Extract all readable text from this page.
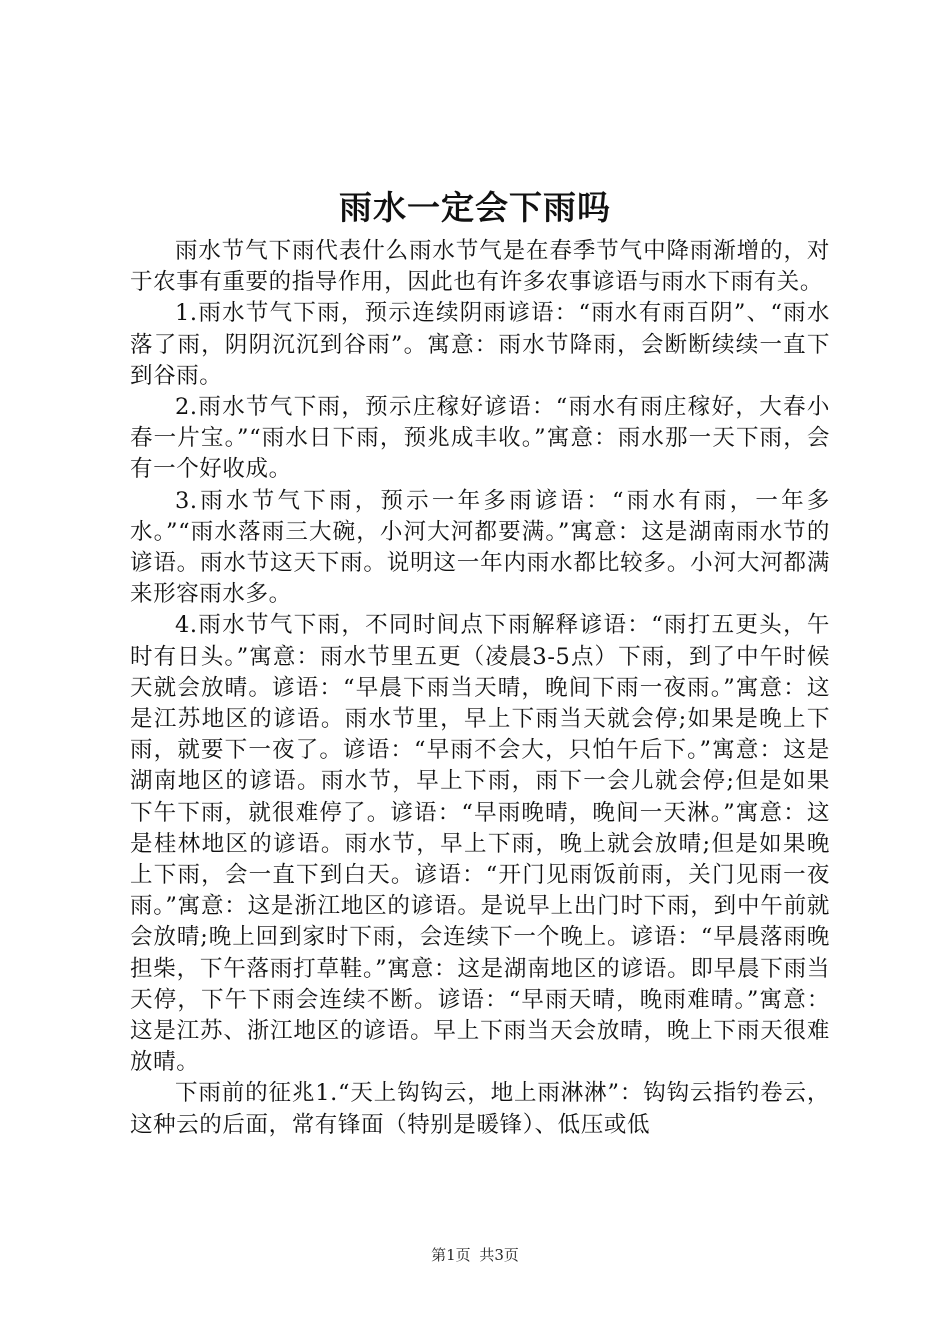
雨水一定会下雨吗

雨水节气下雨代表什么雨水节气是在春季节气中降雨渐增的，对于农事有重要的指导作用，因此也有许多农事谚语与雨水下雨有关。

1.雨水节气下雨，预示连续阴雨谚语：“雨水有雨百阴”、“雨水落了雨，阴阴沉沉到谷雨”。寓意：雨水节降雨，会断断续续一直下到谷雨。

2.雨水节气下雨，预示庄稼好谚语：“雨水有雨庄稼好，大春小春一片宝。”“雨水日下雨，预兆成丰收。”寓意：雨水那一天下雨，会有一个好收成。

3.雨水节气下雨，预示一年多雨谚语：“雨水有雨，一年多水。”“雨水落雨三大碗，小河大河都要满。”寓意：这是湖南雨水节的谚语。雨水节这天下雨。说明这一年内雨水都比较多。小河大河都满来形容雨水多。

4.雨水节气下雨，不同时间点下雨解释谚语：“雨打五更头，午时有日头。”寓意：雨水节里五更（凌晨3-5点）下雨，到了中午时候天就会放晴。谚语：“早晨下雨当天晴，晚间下雨一夜雨。”寓意：这是江苏地区的谚语。雨水节里，早上下雨当天就会停;如果是晚上下雨，就要下一夜了。谚语：“早雨不会大，只怕午后下。”寓意：这是湖南地区的谚语。雨水节，早上下雨，雨下一会儿就会停;但是如果下午下雨，就很难停了。谚语：“早雨晚晴，晚间一天淋。”寓意：这是桂林地区的谚语。雨水节，早上下雨，晚上就会放晴;但是如果晚上下雨，会一直下到白天。谚语：“开门见雨饭前雨，关门见雨一夜雨。”寓意：这是浙江地区的谚语。是说早上出门时下雨，到中午前就会放晴;晚上回到家时下雨，会连续下一个晚上。谚语：“早晨落雨晚担柴，下午落雨打草鞋。”寓意：这是湖南地区的谚语。即早晨下雨当天停，下午下雨会连续不断。谚语：“早雨天晴，晚雨难晴。”寓意：这是江苏、浙江地区的谚语。早上下雨当天会放晴，晚上下雨天很难放晴。

下雨前的征兆1.“天上钩钩云，地上雨淋淋”：钩钩云指钓卷云，这种云的后面，常有锋面（特别是暖锋）、低压或低

第1页 共3页
